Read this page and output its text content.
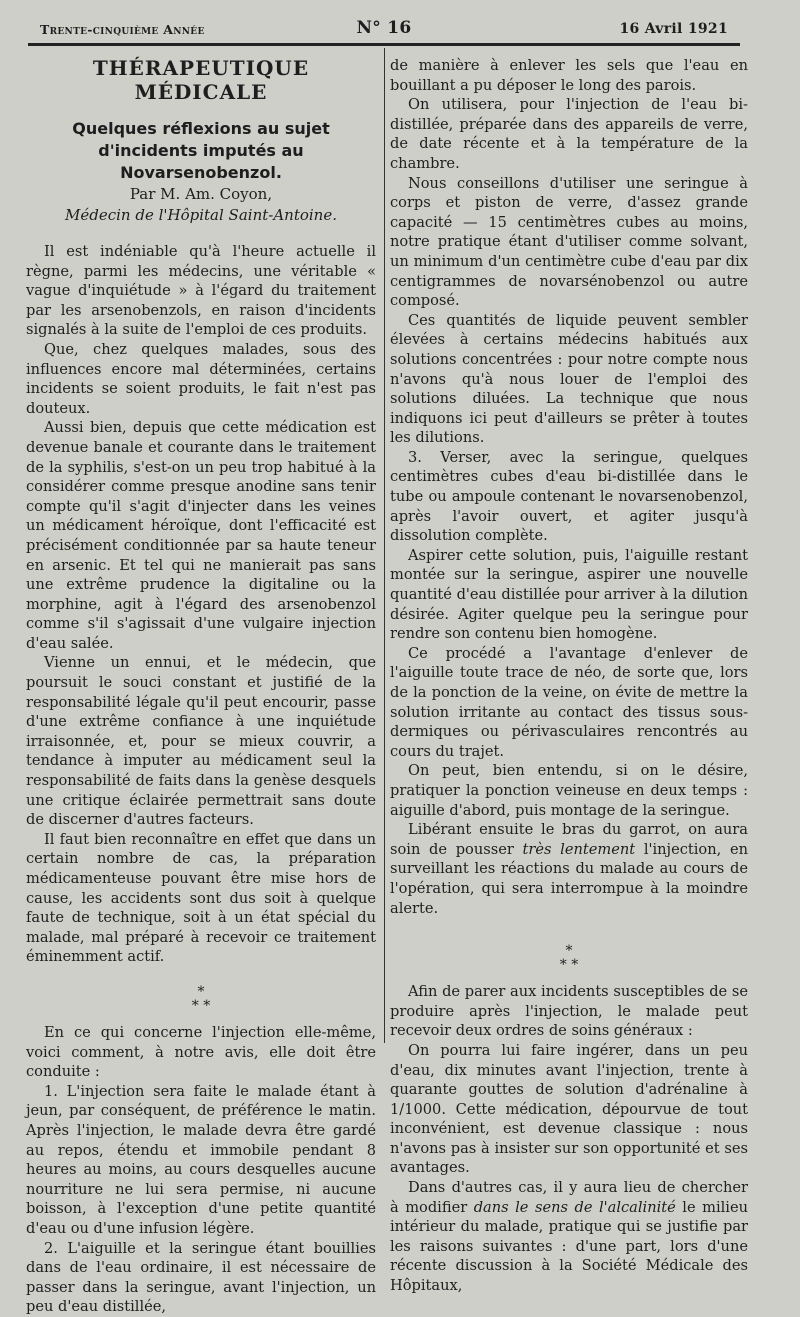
Trente-cinquième Année	N° 16	16 Avril 1921
THÉRAPEUTIQUE MÉDICALE
Quelques réflexions au sujet d'incidents imputés au Novarsenobenzol.
Par M. Am. Coyon,
Médecin de l'Hôpital Saint-Antoine.

Il est indéniable qu'à l'heure actuelle il règne, parmi les médecins, une véritable « vague d'inquiétude » à l'égard du traitement par les arsenobenzols, en raison d'incidents signalés à la suite de l'emploi de ces produits.

Que, chez quelques malades, sous des influences encore mal déterminées, certains incidents se soient produits, le fait n'est pas douteux.

Aussi bien, depuis que cette médication est devenue banale et courante dans le traitement de la syphilis, s'est-on un peu trop habitué à la considérer comme presque anodine sans tenir compte qu'il s'agit d'injecter dans les veines un médicament héroïque, dont l'efficacité est précisément conditionnée par sa haute teneur en arsenic. Et tel qui ne manierait pas sans une extrême prudence la digitaline ou la morphine, agit à l'égard des arsenobenzol comme s'il s'agissait d'une vulgaire injection d'eau salée.

Vienne un ennui, et le médecin, que poursuit le souci constant et justifié de la responsabilité légale qu'il peut encourir, passe d'une extrême confiance à une inquiétude irraisonnée, et, pour se mieux couvrir, a tendance à imputer au médicament seul la responsabilité de faits dans la genèse desquels une critique éclairée permettrait sans doute de discerner d'autres facteurs.

Il faut bien reconnaître en effet que dans un certain nombre de cas, la préparation médicamenteuse pouvant être mise hors de cause, les accidents sont dus soit à quelque faute de technique, soit à un état spécial du malade, mal préparé à recevoir ce traitement éminemment actif.

*
* *

En ce qui concerne l'injection elle-même, voici comment, à notre avis, elle doit être conduite :

1. L'injection sera faite le malade étant à jeun, par conséquent, de préférence le matin. Après l'injection, le malade devra être gardé au repos, étendu et immobile pendant 8 heures au moins, au cours desquelles aucune nourriture ne lui sera permise, ni aucune boisson, à l'exception d'une petite quantité d'eau ou d'une infusion légère.

2. L'aiguille et la seringue étant bouillies dans de l'eau ordinaire, il est nécessaire de passer dans la seringue, avant l'injection, un peu d'eau distillée,

de manière à enlever les sels que l'eau en bouillant a pu déposer le long des parois.

On utilisera, pour l'injection de l'eau bi-distillée, préparée dans des appareils de verre, de date récente et à la température de la chambre.

Nous conseillons d'utiliser une seringue à corps et piston de verre, d'assez grande capacité — 15 centimètres cubes au moins, notre pratique étant d'utiliser comme solvant, un minimum d'un centimètre cube d'eau par dix centigrammes de novarsénobenzol ou autre composé.

Ces quantités de liquide peuvent sembler élevées à certains médecins habitués aux solutions concentrées : pour notre compte nous n'avons qu'à nous louer de l'emploi des solutions diluées. La technique que nous indiquons ici peut d'ailleurs se prêter à toutes les dilutions.

3. Verser, avec la seringue, quelques centimètres cubes d'eau bi-distillée dans le tube ou ampoule contenant le novarsenobenzol, après l'avoir ouvert, et agiter jusqu'à dissolution complète.

Aspirer cette solution, puis, l'aiguille restant montée sur la seringue, aspirer une nouvelle quantité d'eau distillée pour arriver à la dilution désirée. Agiter quelque peu la seringue pour rendre son contenu bien homogène.

Ce procédé a l'avantage d'enlever de l'aiguille toute trace de néo, de sorte que, lors de la ponction de la veine, on évite de mettre la solution irritante au contact des tissus sous-dermiques ou périvasculaires rencontrés au cours du trajet.

On peut, bien entendu, si on le désire, pratiquer la ponction veineuse en deux temps : aiguille d'abord, puis montage de la seringue.

Libérant ensuite le bras du garrot, on aura soin de pousser très lentement l'injection, en surveillant les réactions du malade au cours de l'opération, qui sera interrompue à la moindre alerte.

*
* *

Afin de parer aux incidents susceptibles de se produire après l'injection, le malade peut recevoir deux ordres de soins généraux :

On pourra lui faire ingérer, dans un peu d'eau, dix minutes avant l'injection, trente à quarante gouttes de solution d'adrénaline à 1/1000. Cette médication, dépourvue de tout inconvénient, est devenue classique : nous n'avons pas à insister sur son opportunité et ses avantages.

Dans d'autres cas, il y aura lieu de chercher à modifier dans le sens de l'alcalinité le milieu intérieur du malade, pratique qui se justifie par les raisons suivantes : d'une part, lors d'une récente discussion à la Société Médicale des Hôpitaux,
